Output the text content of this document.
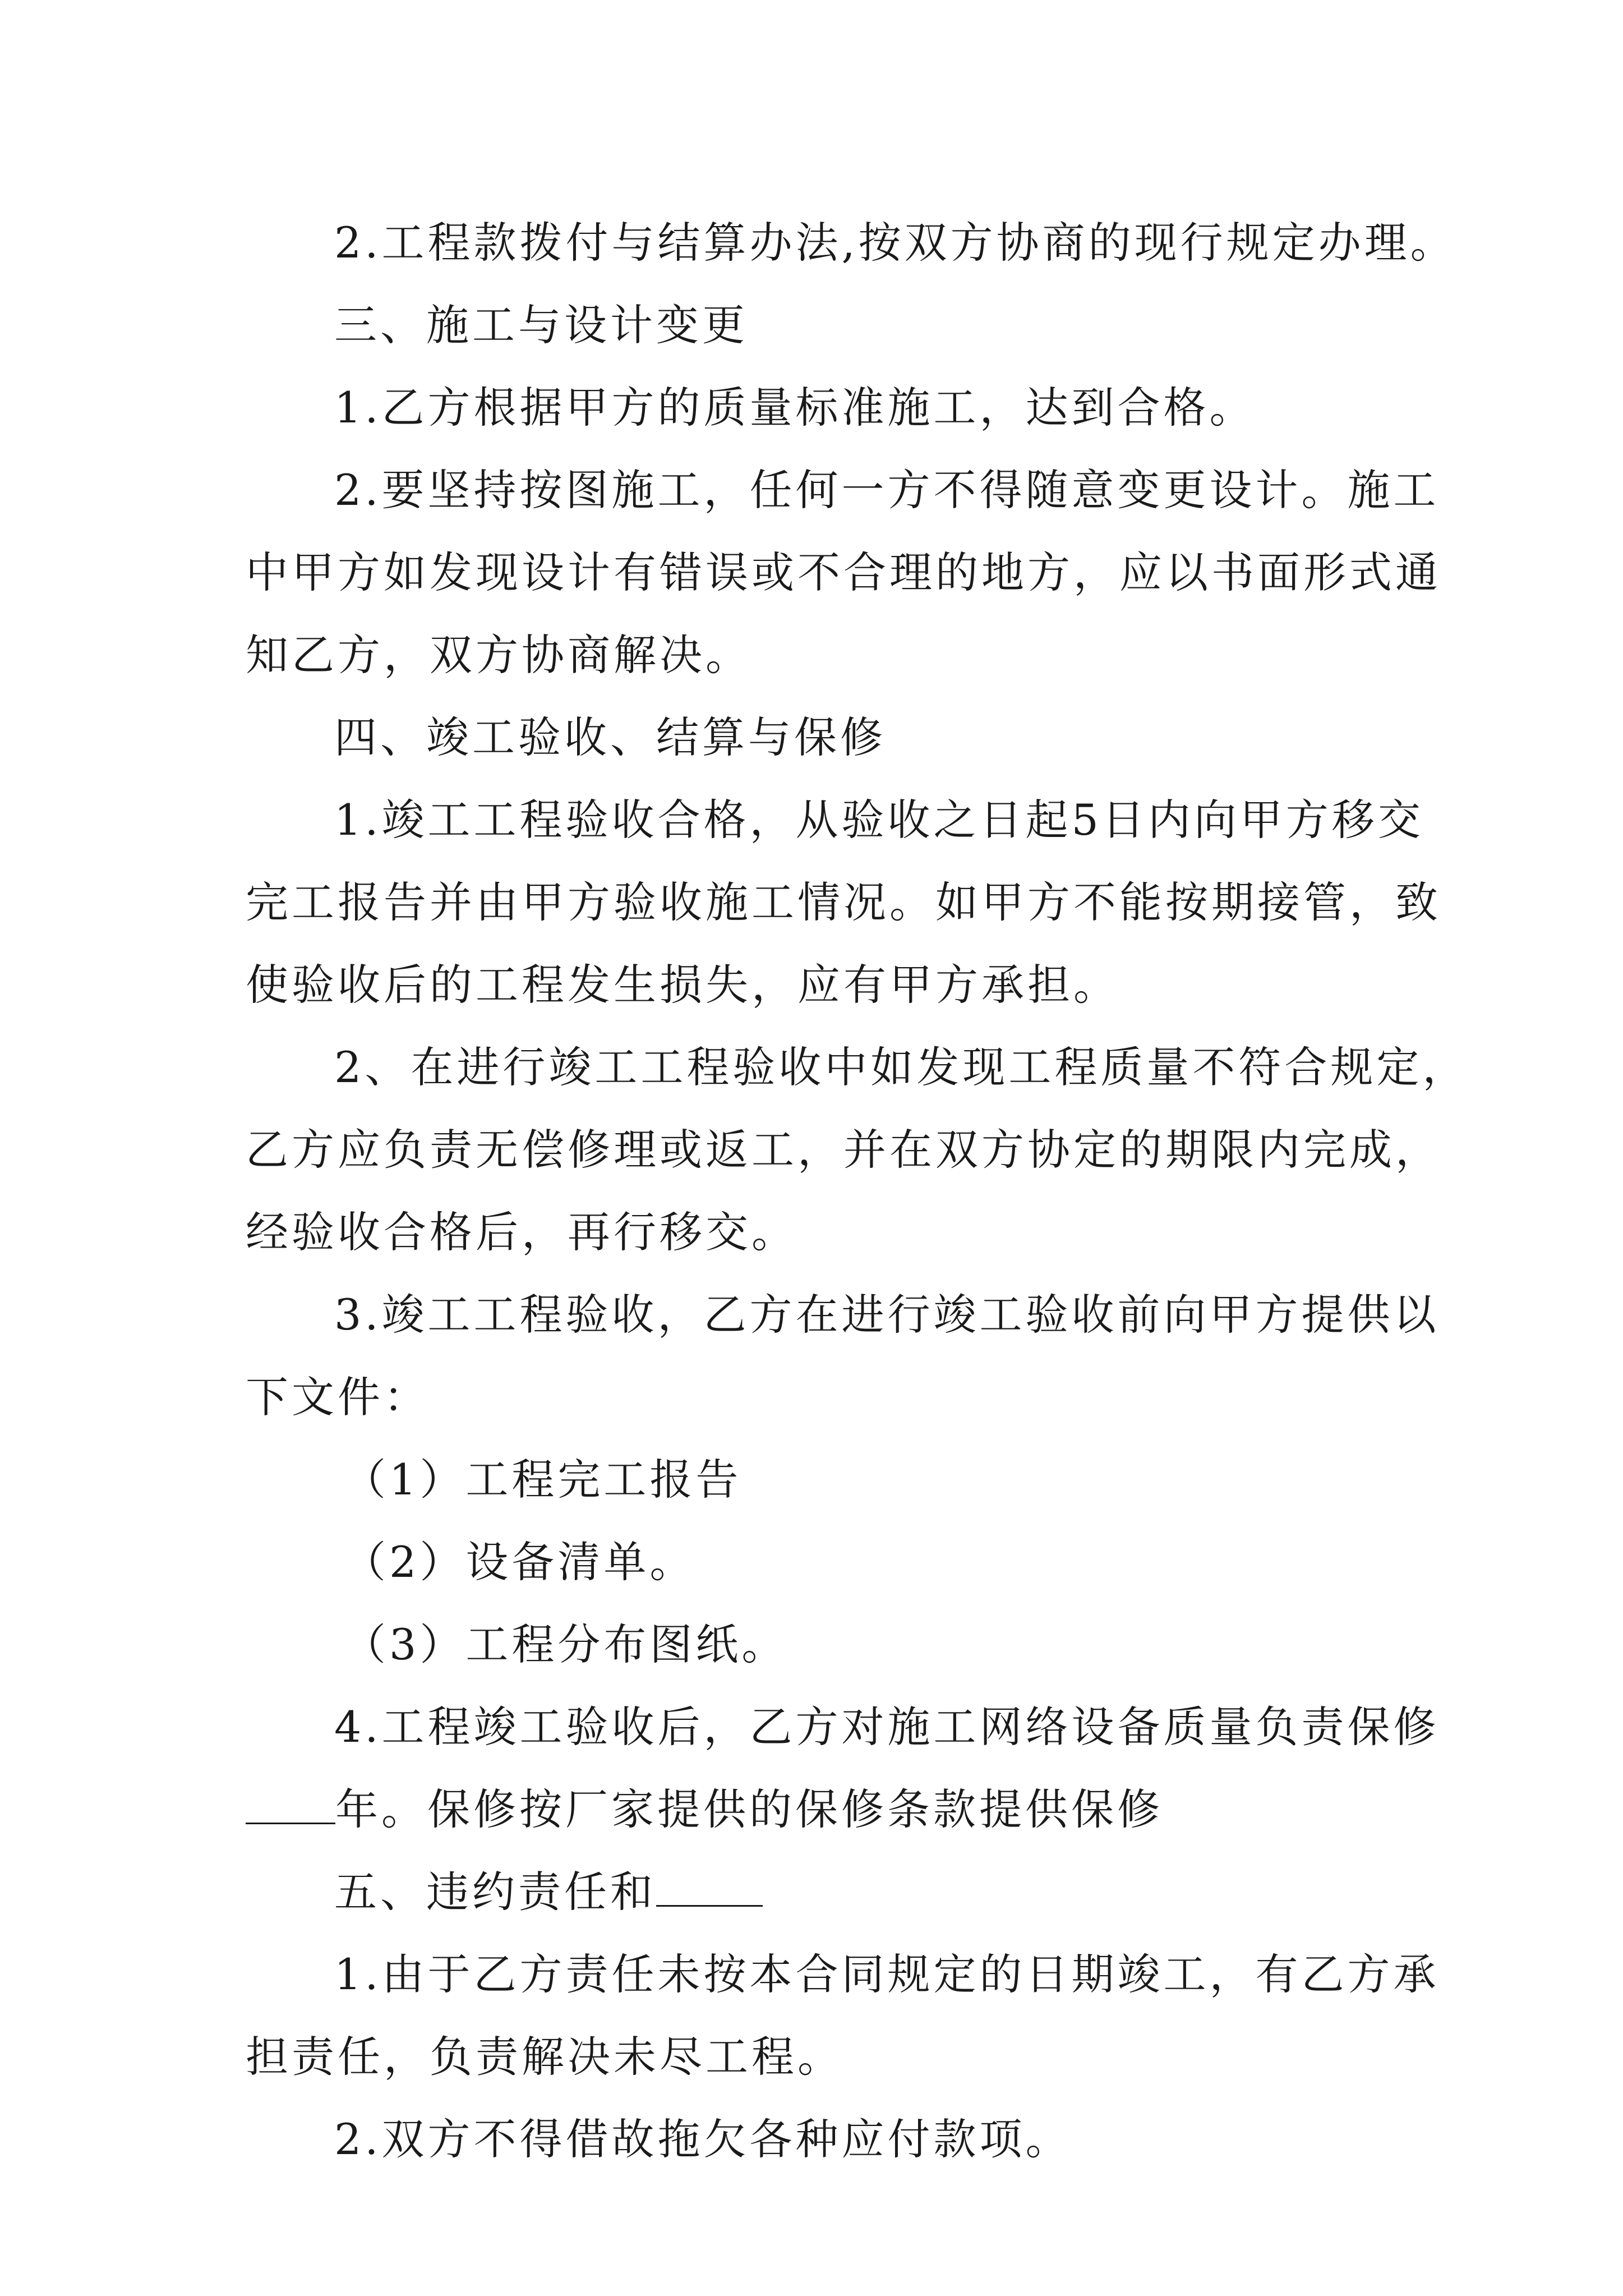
2.工程款拨付与结算办法,按双方协商的现行规定办理。
三、施工与设计变更
1.乙方根据甲方的质量标准施工，达到合格。
2.要坚持按图施工，任何一方不得随意变更设计。施工
中甲方如发现设计有错误或不合理的地方，应以书面形式通
知乙方，双方协商解决。
四、竣工验收、结算与保修
1.竣工工程验收合格，从验收之日起5日内向甲方移交
完工报告并由甲方验收施工情况。如甲方不能按期接管，致
使验收后的工程发生损失，应有甲方承担。
2、在进行竣工工程验收中如发现工程质量不符合规定，
乙方应负责无偿修理或返工，并在双方协定的期限内完成，
经验收合格后，再行移交。
3.竣工工程验收，乙方在进行竣工验收前向甲方提供以
下文件：
（1）工程完工报告
（2）设备清单。
（3）工程分布图纸。
4.工程竣工验收后，乙方对施工网络设备质量负责保修
年。保修按厂家提供的保修条款提供保修
五、违约责任和
1.由于乙方责任未按本合同规定的日期竣工，有乙方承
担责任，负责解决未尽工程。
2.双方不得借故拖欠各种应付款项。
